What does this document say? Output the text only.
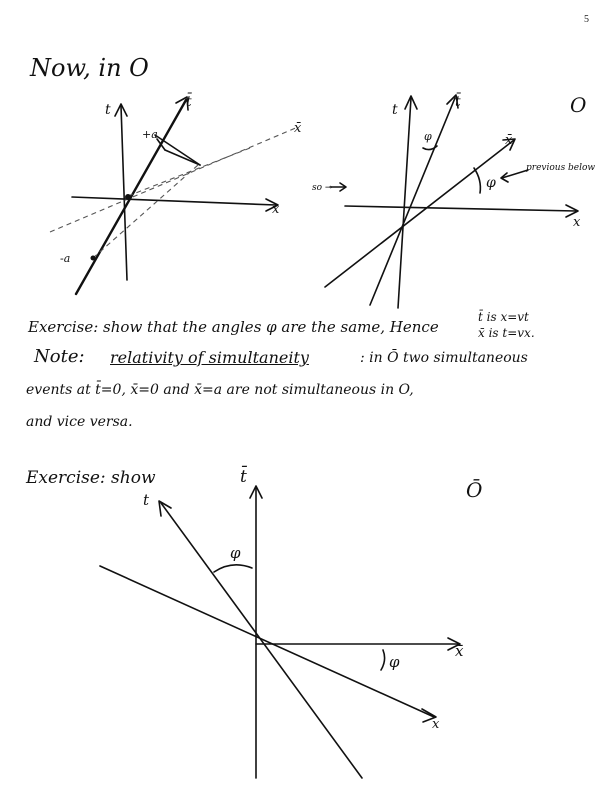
5
Now, in O
t	t̄
x̄
x
+a
-a
t	t̄
x̄
x
O
φ
φ
previous below
so →
Exercise: show that the angles φ are the same, Hence
t̄ is x=vt
x̄ is t=vx.
Note: relativity of simultaneity	: in Ō two simultaneous
events at t̄=0, x̄=0 and x̄=a are not simultaneous in O,
and vice versa.
Exercise: show	t̄
t	Ō
φ
φ
x̄
x
